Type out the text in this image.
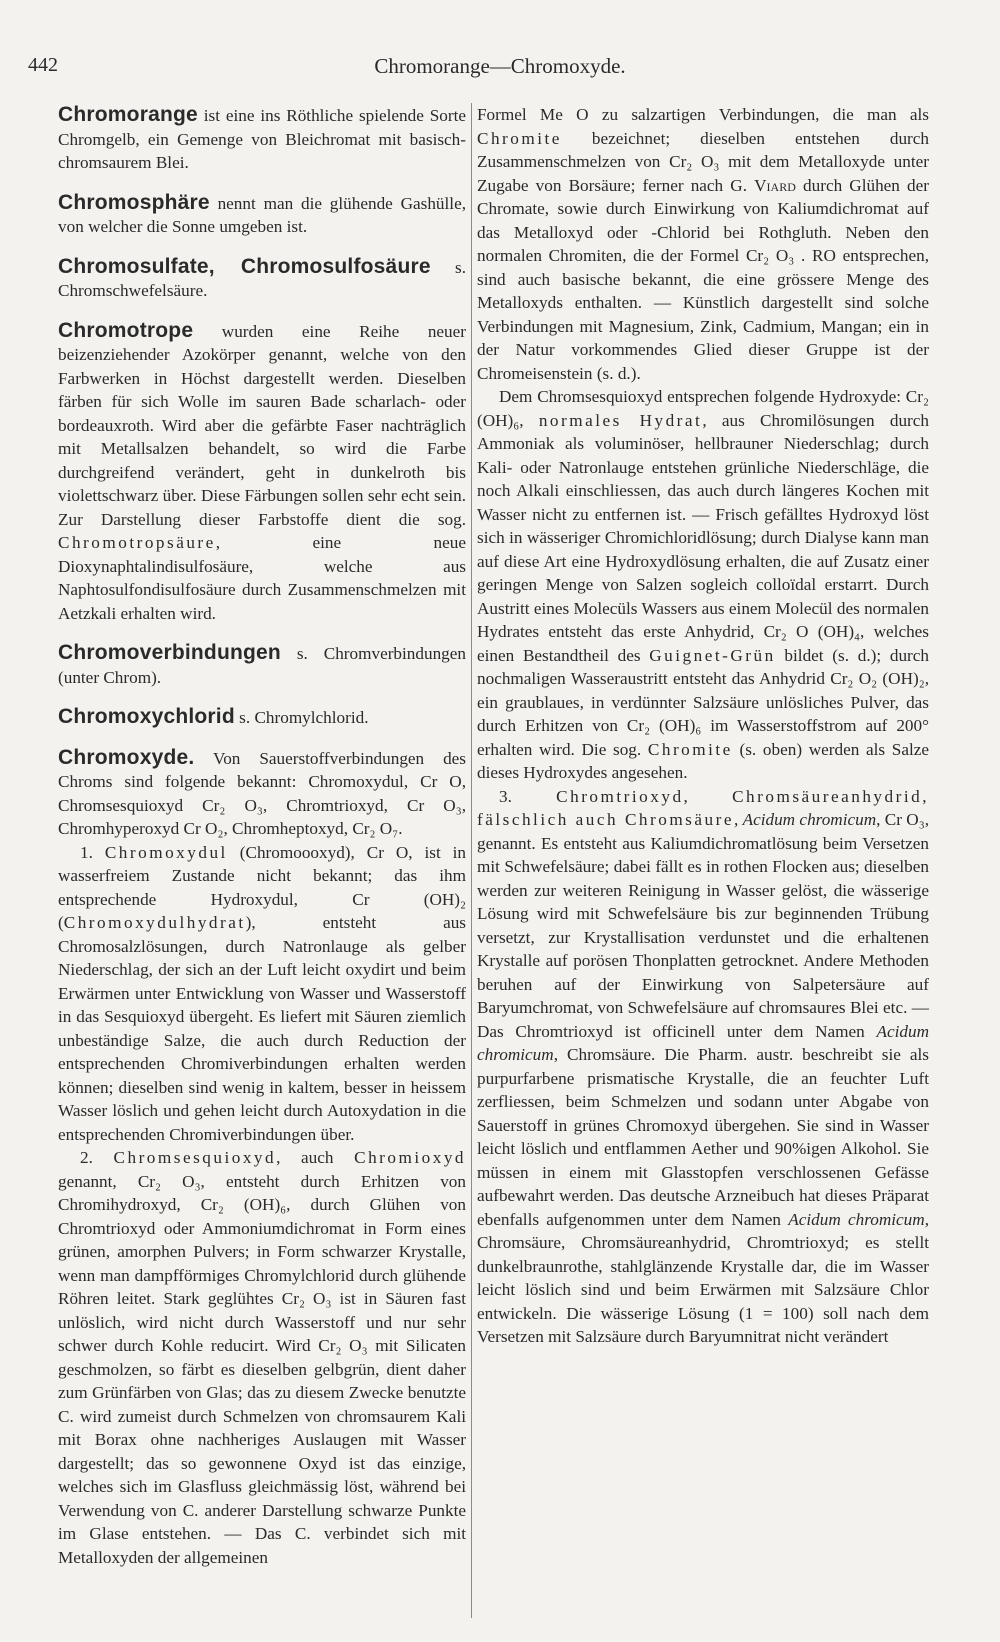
442	Chromorange—Chromoxyde.
Chromorange ist eine ins Röthliche spielende Sorte Chromgelb, ein Gemenge von Bleichromat mit basisch-chromsaurem Blei.
Chromosphäre nennt man die glühende Gashülle, von welcher die Sonne umgeben ist.
Chromosulfate, Chromosulfosäure s. Chromschwefelsäure.
Chromotrope wurden eine Reihe neuer beizenziehender Azokörper genannt, welche von den Farbwerken in Höchst dargestellt werden. Dieselben färben für sich Wolle im sauren Bade scharlach- oder bordeauxroth. Wird aber die gefärbte Faser nachträglich mit Metallsalzen behandelt, so wird die Farbe durchgreifend verändert, geht in dunkelroth bis violettschwarz über. Diese Färbungen sollen sehr echt sein. Zur Darstellung dieser Farbstoffe dient die sog. Chromotropsäure, eine neue Dioxynaphtalindisulfosäure, welche aus Naphtosulfondisulfosäure durch Zusammenschmelzen mit Aetzkali erhalten wird.
Chromoverbindungen s. Chromverbindungen (unter Chrom).
Chromoxychlorid s. Chromylchlorid.

Chromoxyde. Von Sauerstoffverbindungen des Chroms sind folgende bekannt: Chromoxydul, Cr O, Chromsesquioxyd Cr₂ O₃, Chromtrioxyd, Cr O₃, Chromhyperoxyd Cr O₂, Chromheptoxyd, Cr₂ O₇.

1. Chromoxydul (Chromoooxyd), Cr O, ist in wasserfreiem Zustande nicht bekannt; das ihm entsprechende Hydroxydul, Cr (OH)₂ (Chromoxydulhydrat), entsteht aus Chromosalzlösungen, durch Natronlauge als gelber Niederschlag, der sich an der Luft leicht oxydirt und beim Erwärmen unter Entwicklung von Wasser und Wasserstoff in das Sesquioxyd übergeht. Es liefert mit Säuren ziemlich unbeständige Salze, die auch durch Reduction der entsprechenden Chromiverbindungen erhalten werden können; dieselben sind wenig in kaltem, besser in heissem Wasser löslich und gehen leicht durch Autoxydation in die entsprechenden Chromiverbindungen über.

2. Chromsesquioxyd, auch Chromioxyd genannt, Cr₂ O₃, entsteht durch Erhitzen von Chromihydroxyd, Cr₂ (OH)₆, durch Glühen von Chromtrioxyd oder Ammoniumdichromat in Form eines grünen, amorphen Pulvers; in Form schwarzer Krystalle, wenn man dampfförmiges Chromylchlorid durch glühende Röhren leitet. Stark geglühtes Cr₂ O₃ ist in Säuren fast unlöslich, wird nicht durch Wasserstoff und nur sehr schwer durch Kohle reducirt. Wird Cr₂ O₃ mit Silicaten geschmolzen, so färbt es dieselben gelbgrün, dient daher zum Grünfärben von Glas; das zu diesem Zwecke benutzte C. wird zumeist durch Schmelzen von chromsaurem Kali mit Borax ohne nachheriges Auslaugen mit Wasser dargestellt; das so gewonnene Oxyd ist das einzige, welches sich im Glasfluss gleichmässig löst, während bei Verwendung von C. anderer Darstellung schwarze Punkte im Glase entstehen. — Das C. verbindet sich mit Metalloxyden der allgemeinen

Formel Me O zu salzartigen Verbindungen, die man als Chromite bezeichnet; dieselben entstehen durch Zusammenschmelzen von Cr₂ O₃ mit dem Metalloxyde unter Zugabe von Borsäure; ferner nach G. Viard durch Glühen der Chromate, sowie durch Einwirkung von Kaliumdichromat auf das Metalloxyd oder -Chlorid bei Rothgluth. Neben den normalen Chromiten, die der Formel Cr₂ O₃ . RO entsprechen, sind auch basische bekannt, die eine grössere Menge des Metalloxyds enthalten. — Künstlich dargestellt sind solche Verbindungen mit Magnesium, Zink, Cadmium, Mangan; ein in der Natur vorkommendes Glied dieser Gruppe ist der Chromeisenstein (s. d.).

Dem Chromsesquioxyd entsprechen folgende Hydroxyde: Cr₂ (OH)₆, normales Hydrat, aus Chromilösungen durch Ammoniak als voluminöser, hellbrauner Niederschlag; durch Kali- oder Natronlauge entstehen grünliche Niederschläge, die noch Alkali einschliessen, das auch durch längeres Kochen mit Wasser nicht zu entfernen ist. — Frisch gefälltes Hydroxyd löst sich in wässeriger Chromichloridlösung; durch Dialyse kann man auf diese Art eine Hydroxydlösung erhalten, die auf Zusatz einer geringen Menge von Salzen sogleich colloïdal erstarrt. Durch Austritt eines Molecüls Wassers aus einem Molecül des normalen Hydrates entsteht das erste Anhydrid, Cr₂ O (OH)₄, welches einen Bestandtheil des Guignet-Grün bildet (s. d.); durch nochmaligen Wasseraustritt entsteht das Anhydrid Cr₂ O₂ (OH)₂, ein graublaues, in verdünnter Salzsäure unlösliches Pulver, das durch Erhitzen von Cr₂ (OH)₆ im Wasserstoffstrom auf 200° erhalten wird. Die sog. Chromite (s. oben) werden als Salze dieses Hydroxydes angesehen.

3.	Chromtrioxyd,	Chromsäureanhydrid, fälschlich auch Chromsäure, Acidum chromicum, Cr O₃, genannt. Es entsteht aus Kaliumdichromatlösung beim Versetzen mit Schwefelsäure; dabei fällt es in rothen Flocken aus; dieselben werden zur weiteren Reinigung in Wasser gelöst, die wässerige Lösung wird mit Schwefelsäure bis zur beginnenden Trübung versetzt, zur Krystallisation verdunstet und die erhaltenen Krystalle auf porösen Thonplatten getrocknet. Andere Methoden beruhen auf der Einwirkung von Salpetersäure auf Baryumchromat, von Schwefelsäure auf chromsaures Blei etc. — Das Chromtrioxyd ist officinell unter dem Namen Acidum chromicum, Chromsäure. Die Pharm. austr. beschreibt sie als purpurfarbene prismatische Krystalle, die an feuchter Luft zerfliessen, beim Schmelzen und sodann unter Abgabe von Sauerstoff in grünes Chromoxyd übergehen. Sie sind in Wasser leicht löslich und entflammen Aether und 90%igen Alkohol. Sie müssen in einem mit Glasstopfen verschlossenen Gefässe aufbewahrt werden. Das deutsche Arzneibuch hat dieses Präparat ebenfalls aufgenommen unter dem Namen Acidum chromicum, Chromsäure, Chromsäureanhydrid, Chromtrioxyd; es stellt dunkelbraunrothe, stahlglänzende Krystalle dar, die im Wasser leicht löslich sind und beim Erwärmen mit Salzsäure Chlor entwickeln. Die wässerige Lösung (1 = 100) soll nach dem Versetzen mit Salzsäure durch Baryumnitrat nicht verändert
